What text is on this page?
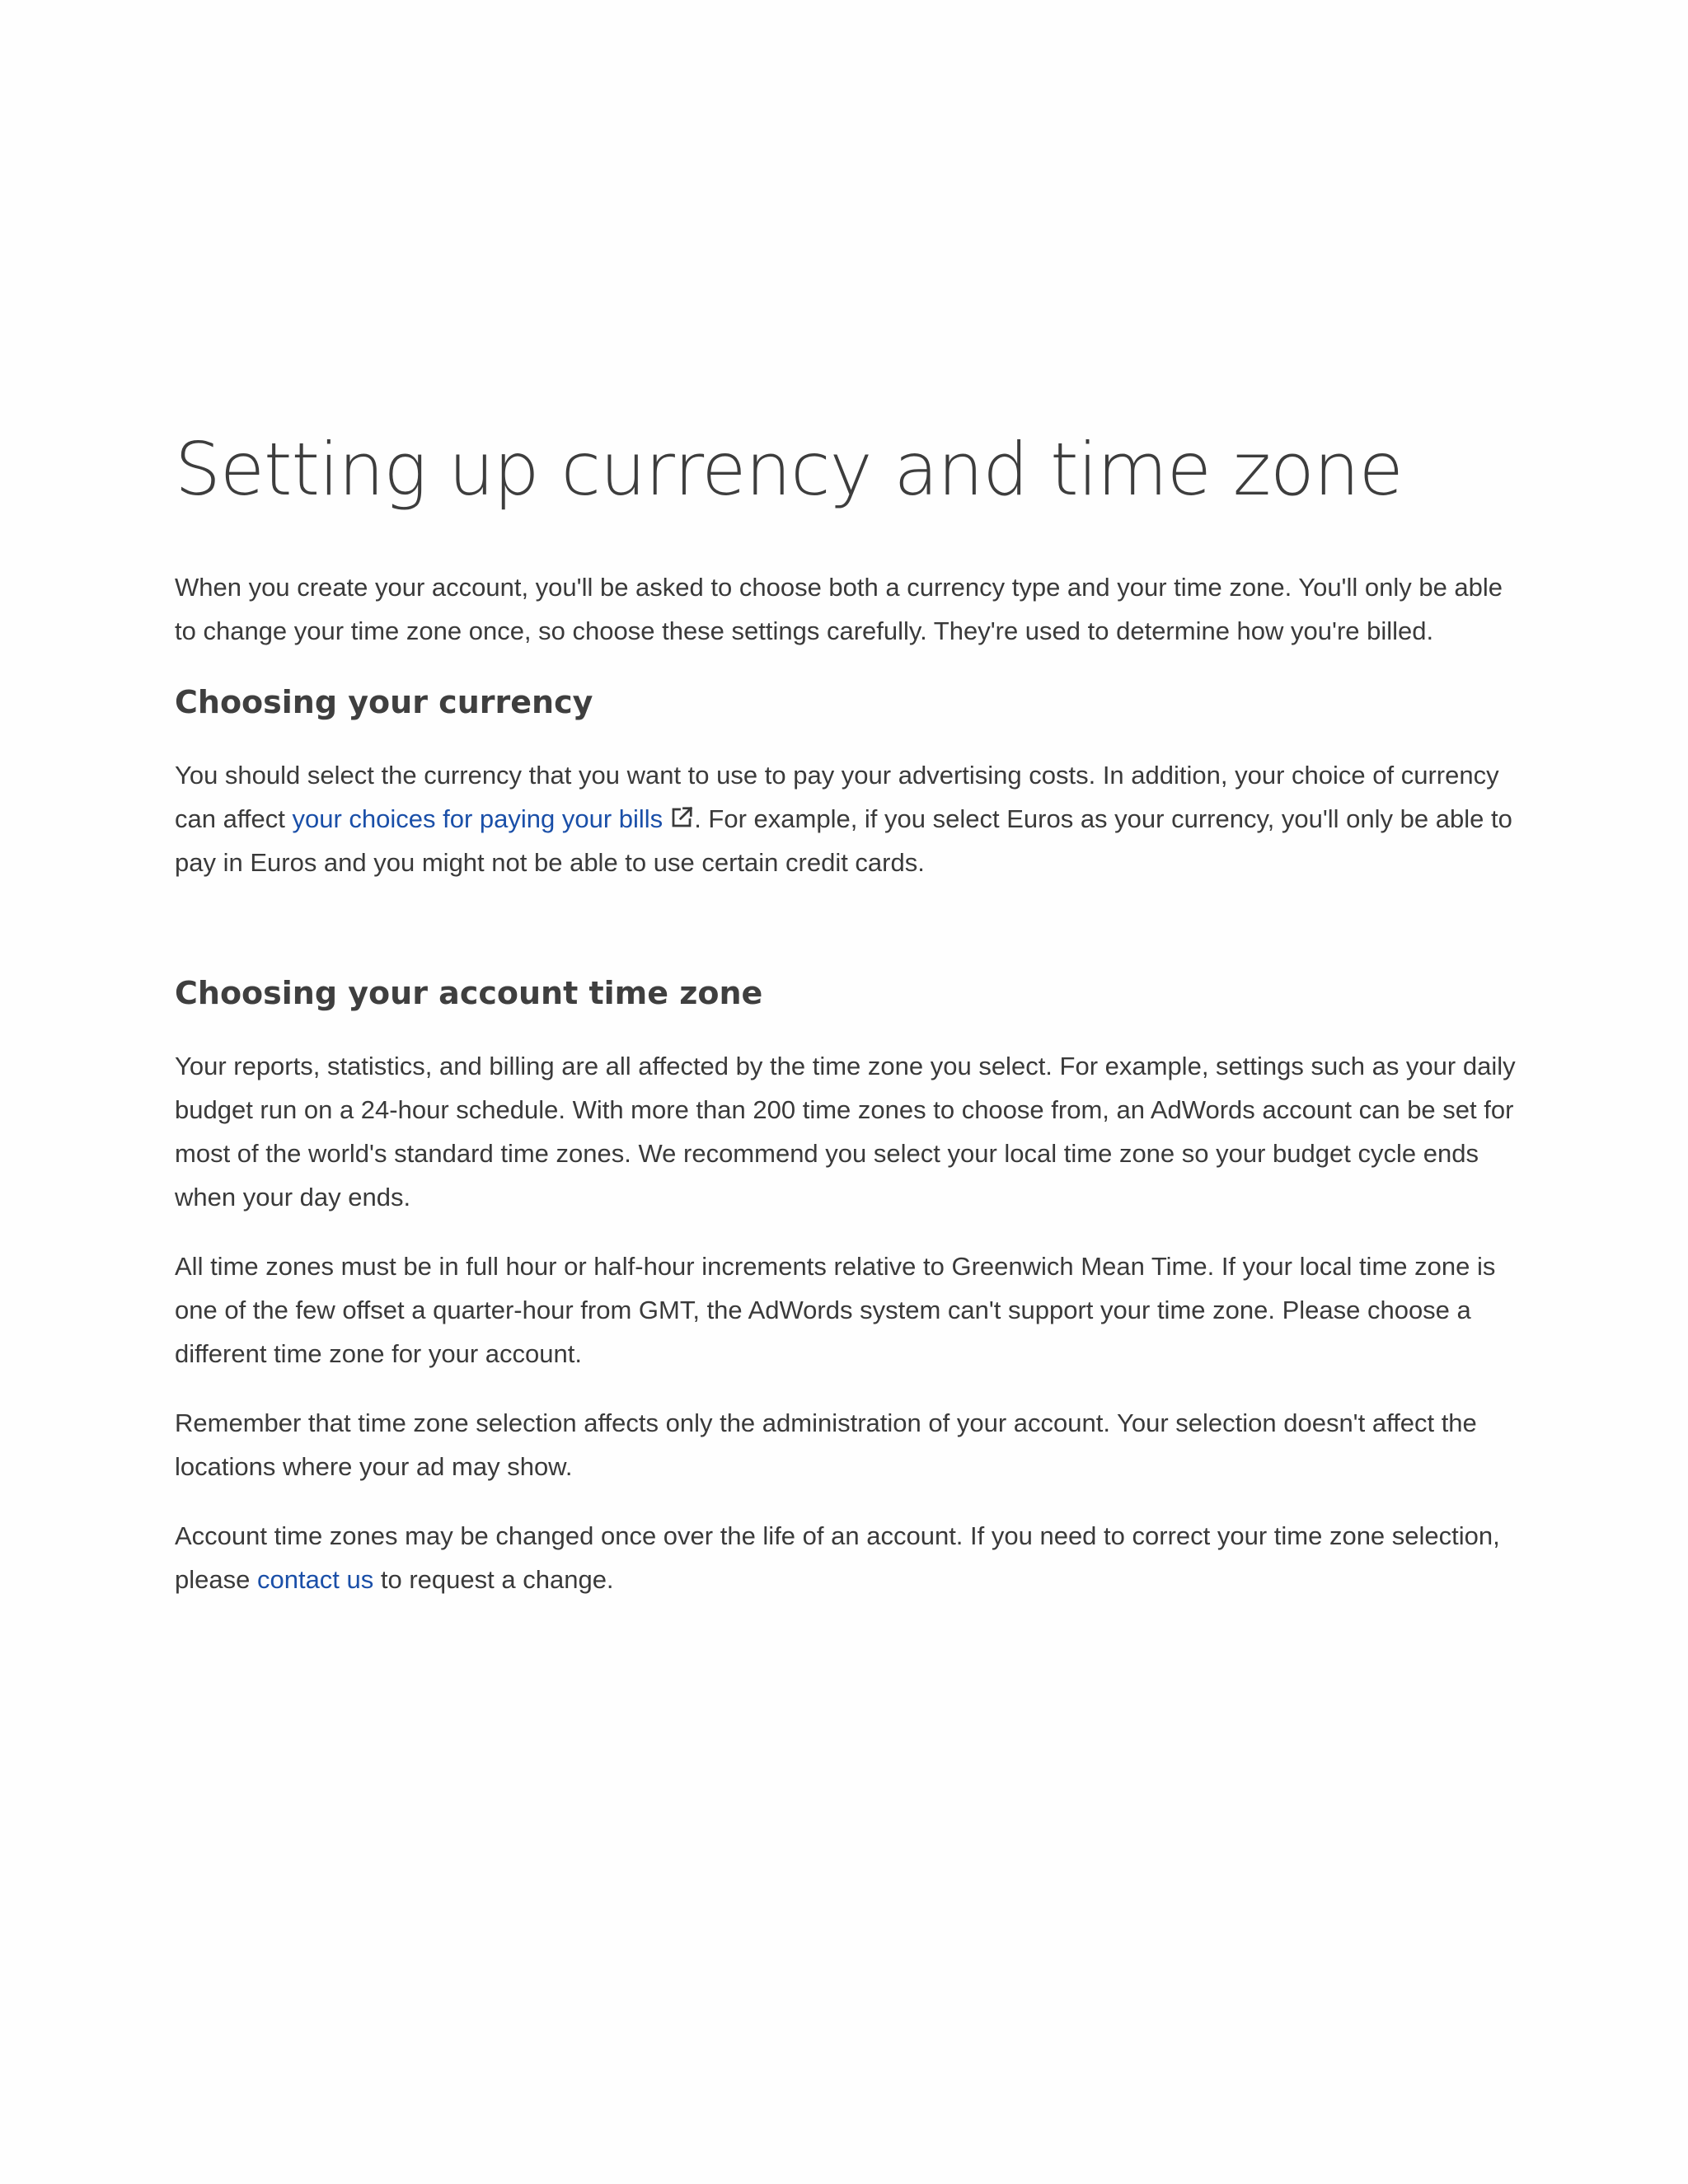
Setting up currency and time zone

When you create your account, you'll be asked to choose both a currency type and your time zone. You'll only be able to change your time zone once, so choose these settings carefully. They're used to determine how you're billed.

Choosing your currency

You should select the currency that you want to use to pay your advertising costs. In addition, your choice of currency can affect your choices for paying your bills . For example, if you select Euros as your currency, you'll only be able to pay in Euros and you might not be able to use certain credit cards.

Choosing your account time zone

Your reports, statistics, and billing are all affected by the time zone you select. For example, settings such as your daily budget run on a 24-hour schedule. With more than 200 time zones to choose from, an AdWords account can be set for most of the world's standard time zones. We recommend you select your local time zone so your budget cycle ends when your day ends.

All time zones must be in full hour or half-hour increments relative to Greenwich Mean Time. If your local time zone is one of the few offset a quarter-hour from GMT, the AdWords system can't support your time zone. Please choose a different time zone for your account.

Remember that time zone selection affects only the administration of your account. Your selection doesn't affect the locations where your ad may show.

Account time zones may be changed once over the life of an account. If you need to correct your time zone selection, please contact us to request a change.
